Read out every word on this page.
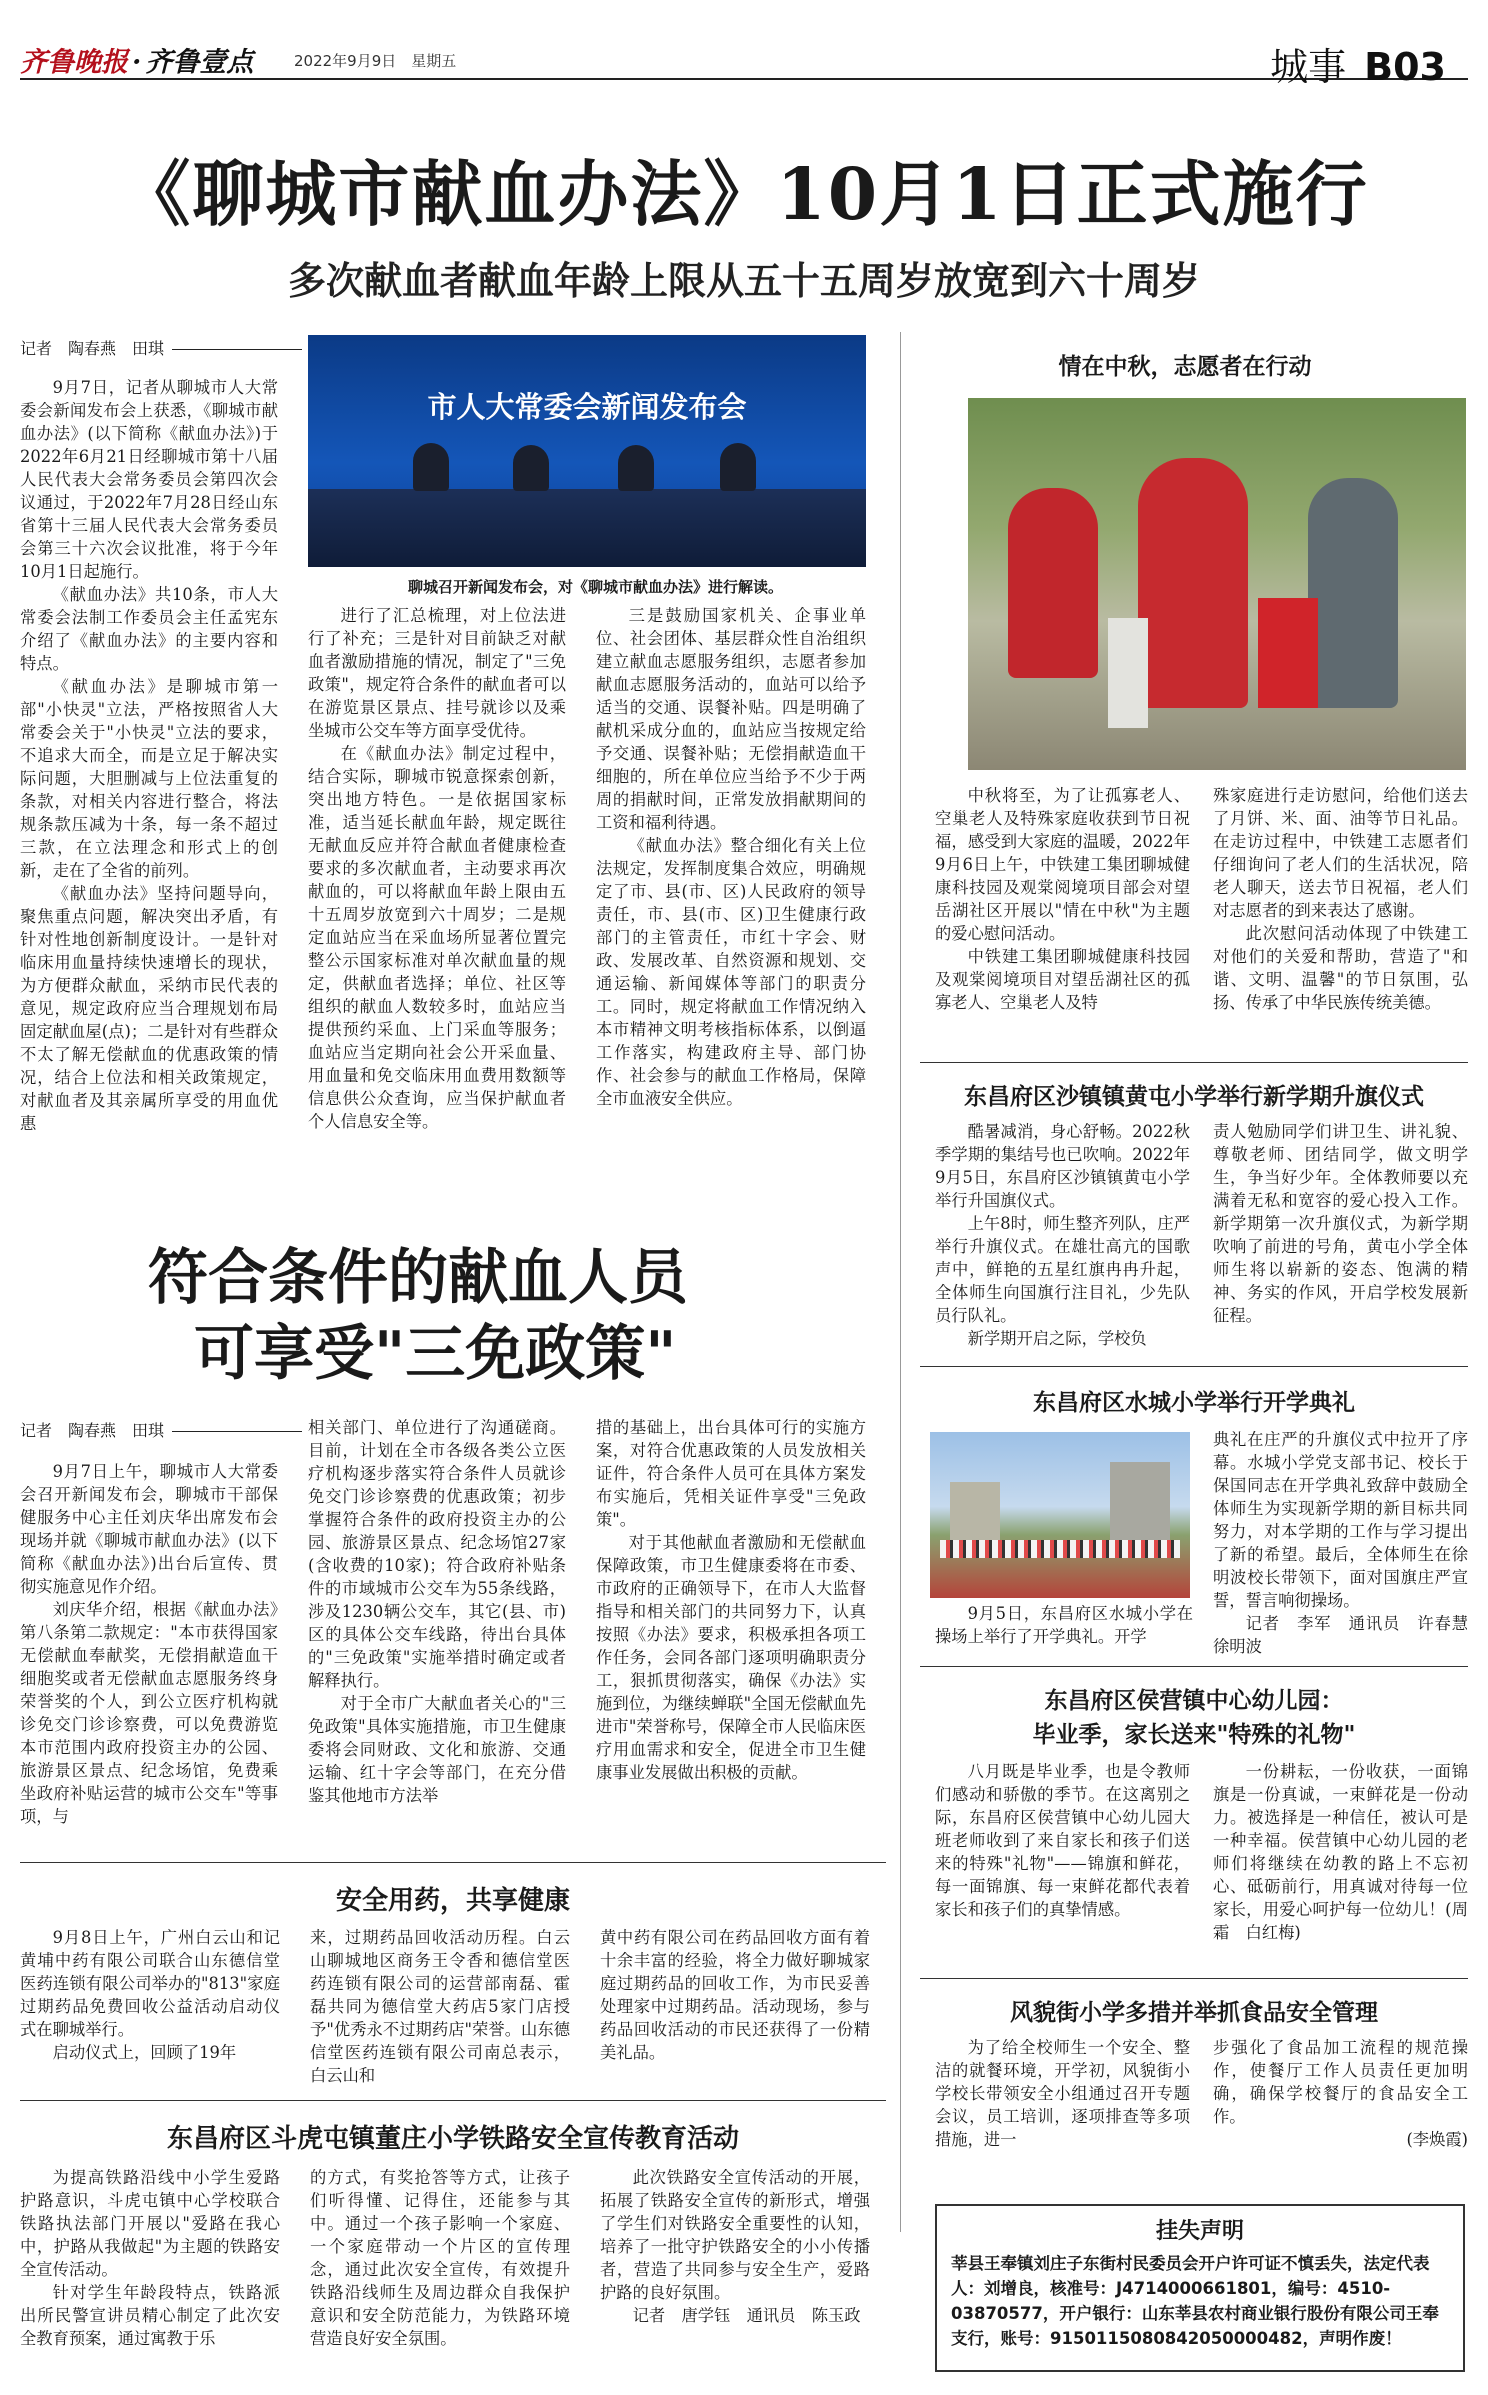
齐鲁晚报 · 齐鲁壹点	2022年9月9日　星期五	城事 B03
《聊城市献血办法》10月1日正式施行
多次献血者献血年龄上限从五十五周岁放宽到六十周岁
记者　陶春燕　田琪

9月7日，记者从聊城市人大常委会新闻发布会上获悉，《聊城市献血办法》(以下简称《献血办法》)于2022年6月21日经聊城市第十八届人民代表大会常务委员会第四次会议通过，于2022年7月28日经山东省第十三届人民代表大会常务委员会第三十六次会议批准，将于今年10月1日起施行。

《献血办法》共10条，市人大常委会法制工作委员会主任孟宪东介绍了《献血办法》的主要内容和特点。

《献血办法》是聊城市第一部"小快灵"立法，严格按照省人大常委会关于"小快灵"立法的要求，不追求大而全，而是立足于解决实际问题，大胆删减与上位法重复的条款，对相关内容进行整合，将法规条款压减为十条，每一条不超过三款，在立法理念和形式上的创新，走在了全省的前列。

《献血办法》坚持问题导向，聚焦重点问题，解决突出矛盾，有针对性地创新制度设计。一是针对临床用血量持续快速增长的现状，为方便群众献血，采纳市民代表的意见，规定政府应当合理规划布局固定献血屋(点)；二是针对有些群众不太了解无偿献血的优惠政策的情况，结合上位法和相关政策规定，对献血者及其亲属所享受的用血优惠

市人大常委会新闻发布会
聊城召开新闻发布会，对《聊城市献血办法》进行解读。

进行了汇总梳理，对上位法进行了补充；三是针对目前缺乏对献血者激励措施的情况，制定了"三免政策"，规定符合条件的献血者可以在游览景区景点、挂号就诊以及乘坐城市公交车等方面享受优待。

在《献血办法》制定过程中，结合实际，聊城市锐意探索创新，突出地方特色。一是依据国家标准，适当延长献血年龄，规定既往无献血反应并符合献血者健康检查要求的多次献血者，主动要求再次献血的，可以将献血年龄上限由五十五周岁放宽到六十周岁；二是规定血站应当在采血场所显著位置完整公示国家标准对单次献血量的规定，供献血者选择；单位、社区等组织的献血人数较多时，血站应当提供预约采血、上门采血等服务；血站应当定期向社会公开采血量、用血量和免交临床用血费用数额等信息供公众查询，应当保护献血者个人信息安全等。

三是鼓励国家机关、企事业单位、社会团体、基层群众性自治组织建立献血志愿服务组织，志愿者参加献血志愿服务活动的，血站可以给予适当的交通、误餐补贴。四是明确了献机采成分血的，血站应当按规定给予交通、误餐补贴；无偿捐献造血干细胞的，所在单位应当给予不少于两周的捐献时间，正常发放捐献期间的工资和福利待遇。

《献血办法》整合细化有关上位法规定，发挥制度集合效应，明确规定了市、县(市、区)人民政府的领导责任，市、县(市、区)卫生健康行政部门的主管责任，市红十字会、财政、发展改革、自然资源和规划、交通运输、新闻媒体等部门的职责分工。同时，规定将献血工作情况纳入本市精神文明考核指标体系，以倒逼工作落实，构建政府主导、部门协作、社会参与的献血工作格局，保障全市血液安全供应。

符合条件的献血人员
可享受"三免政策"
记者　陶春燕　田琪

9月7日上午，聊城市人大常委会召开新闻发布会，聊城市干部保健服务中心主任刘庆华出席发布会现场并就《聊城市献血办法》(以下简称《献血办法》)出台后宣传、贯彻实施意见作介绍。

刘庆华介绍，根据《献血办法》第八条第二款规定："本市获得国家无偿献血奉献奖，无偿捐献造血干细胞奖或者无偿献血志愿服务终身荣誉奖的个人，到公立医疗机构就诊免交门诊诊察费，可以免费游览本市范围内政府投资主办的公园、旅游景区景点、纪念场馆，免费乘坐政府补贴运营的城市公交车"等事项，与

相关部门、单位进行了沟通磋商。目前，计划在全市各级各类公立医疗机构逐步落实符合条件人员就诊免交门诊诊察费的优惠政策；初步掌握符合条件的政府投资主办的公园、旅游景区景点、纪念场馆27家(含收费的10家)；符合政府补贴条件的市域城市公交车为55条线路，涉及1230辆公交车，其它(县、市)区的具体公交车线路，待出台具体的"三免政策"实施举措时确定或者解释执行。

对于全市广大献血者关心的"三免政策"具体实施措施，市卫生健康委将会同财政、文化和旅游、交通运输、红十字会等部门，在充分借鉴其他地市方法举

措的基础上，出台具体可行的实施方案，对符合优惠政策的人员发放相关证件，符合条件人员可在具体方案发布实施后，凭相关证件享受"三免政策"。

对于其他献血者激励和无偿献血保障政策，市卫生健康委将在市委、市政府的正确领导下，在市人大监督指导和相关部门的共同努力下，认真按照《办法》要求，积极承担各项工作任务，会同各部门逐项明确职责分工，狠抓贯彻落实，确保《办法》实施到位，为继续蝉联"全国无偿献血先进市"荣誉称号，保障全市人民临床医疗用血需求和安全，促进全市卫生健康事业发展做出积极的贡献。

安全用药，共享健康

9月8日上午，广州白云山和记黄埔中药有限公司联合山东德信堂医药连锁有限公司举办的"813"家庭过期药品免费回收公益活动启动仪式在聊城举行。

启动仪式上，回顾了19年

来，过期药品回收活动历程。白云山聊城地区商务王令香和德信堂医药连锁有限公司的运营部南磊、霍磊共同为德信堂大药店5家门店授予"优秀永不过期药店"荣誉。山东德信堂医药连锁有限公司南总表示，白云山和

黄中药有限公司在药品回收方面有着十余丰富的经验，将全力做好聊城家庭过期药品的回收工作，为市民妥善处理家中过期药品。活动现场，参与药品回收活动的市民还获得了一份精美礼品。

东昌府区斗虎屯镇董庄小学铁路安全宣传教育活动

为提高铁路沿线中小学生爱路护路意识，斗虎屯镇中心学校联合铁路执法部门开展以"爱路在我心中，护路从我做起"为主题的铁路安全宣传活动。

针对学生年龄段特点，铁路派出所民警宣讲员精心制定了此次安全教育预案，通过寓教于乐

的方式，有奖抢答等方式，让孩子们听得懂、记得住，还能参与其中。通过一个孩子影响一个家庭、一个家庭带动一个片区的宣传理念，通过此次安全宣传，有效提升铁路沿线师生及周边群众自我保护意识和安全防范能力，为铁路环境营造良好安全氛围。

此次铁路安全宣传活动的开展，拓展了铁路安全宣传的新形式，增强了学生们对铁路安全重要性的认知，培养了一批守护铁路安全的小小传播者，营造了共同参与安全生产，爱路护路的良好氛围。

记者　唐学钰　通讯员　陈玉政

情在中秋，志愿者在行动

中秋将至，为了让孤寡老人、空巢老人及特殊家庭收获到节日祝福，感受到大家庭的温暖，2022年9月6日上午，中铁建工集团聊城健康科技园及观棠阅境项目部会对望岳湖社区开展以"情在中秋"为主题的爱心慰问活动。

中铁建工集团聊城健康科技园及观棠阅境项目对望岳湖社区的孤寡老人、空巢老人及特

殊家庭进行走访慰问，给他们送去了月饼、米、面、油等节日礼品。在走访过程中，中铁建工志愿者们仔细询问了老人们的生活状况，陪老人聊天，送去节日祝福，老人们对志愿者的到来表达了感谢。

此次慰问活动体现了中铁建工对他们的关爱和帮助，营造了"和谐、文明、温馨"的节日氛围，弘扬、传承了中华民族传统美德。

东昌府区沙镇镇黄屯小学举行新学期升旗仪式

酷暑减消，身心舒畅。2022秋季学期的集结号也已吹响。2022年9月5日，东昌府区沙镇镇黄屯小学举行升国旗仪式。

上午8时，师生整齐列队，庄严举行升旗仪式。在雄壮高亢的国歌声中，鲜艳的五星红旗冉冉升起，全体师生向国旗行注目礼，少先队员行队礼。

新学期开启之际，学校负

责人勉励同学们讲卫生、讲礼貌、尊敬老师、团结同学，做文明学生，争当好少年。全体教师要以充满着无私和宽容的爱心投入工作。新学期第一次升旗仪式，为新学期吹响了前进的号角，黄屯小学全体师生将以崭新的姿态、饱满的精神、务实的作风，开启学校发展新征程。

东昌府区水城小学举行开学典礼

典礼在庄严的升旗仪式中拉开了序幕。水城小学党支部书记、校长于保国同志在开学典礼致辞中鼓励全体师生为实现新学期的新目标共同努力，对本学期的工作与学习提出了新的希望。最后，全体师生在徐明波校长带领下，面对国旗庄严宣誓，誓言响彻操场。

记者　李军　通讯员　许春慧　徐明波

9月5日，东昌府区水城小学在操场上举行了开学典礼。开学

东昌府区侯营镇中心幼儿园：
毕业季，家长送来"特殊的礼物"

八月既是毕业季，也是令教师们感动和骄傲的季节。在这离别之际，东昌府区侯营镇中心幼儿园大班老师收到了来自家长和孩子们送来的特殊"礼物"——锦旗和鲜花，每一面锦旗、每一束鲜花都代表着家长和孩子们的真挚情感。

一份耕耘，一份收获，一面锦旗是一份真诚，一束鲜花是一份动力。被选择是一种信任，被认可是一种幸福。侯营镇中心幼儿园的老师们将继续在幼教的路上不忘初心、砥砺前行，用真诚对待每一位家长，用爱心呵护每一位幼儿！(周霜　白红梅)

风貌街小学多措并举抓食品安全管理

为了给全校师生一个安全、整洁的就餐环境，开学初，风貌街小学校长带领安全小组通过召开专题会议，员工培训，逐项排查等多项措施，进一

步强化了食品加工流程的规范操作，使餐厅工作人员责任更加明确，确保学校餐厅的食品安全工作。

(李焕霞)

挂失声明
莘县王奉镇刘庄子东街村民委员会开户许可证不慎丢失，法定代表人：刘增良，核准号：J4714000661801，编号：4510-03870577，开户银行：山东莘县农村商业银行股份有限公司王奉支行，账号：9150115080842050000482，声明作废！
